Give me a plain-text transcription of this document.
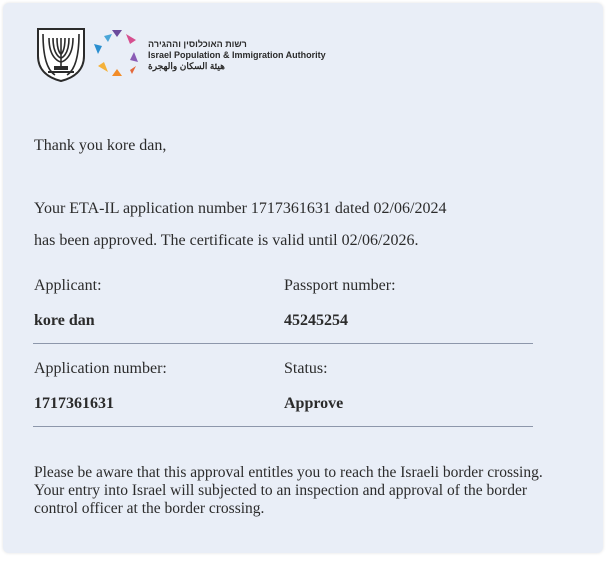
רשות האוכלוסין וההגירה
Israel Population & Immigration Authority
هيئة السكان والهجرة
Thank you kore dan,
Your ETA-IL application number 1717361631 dated 02/06/2024
has been approved. The certificate is valid until 02/06/2026.
Applicant:	Passport number:
kore dan	45245254
Application number:	Status:
1717361631	Approve
Please be aware that this approval entitles you to reach the Israeli border crossing. Your entry into Israel will subjected to an inspection and approval of the border control officer at the border crossing.
